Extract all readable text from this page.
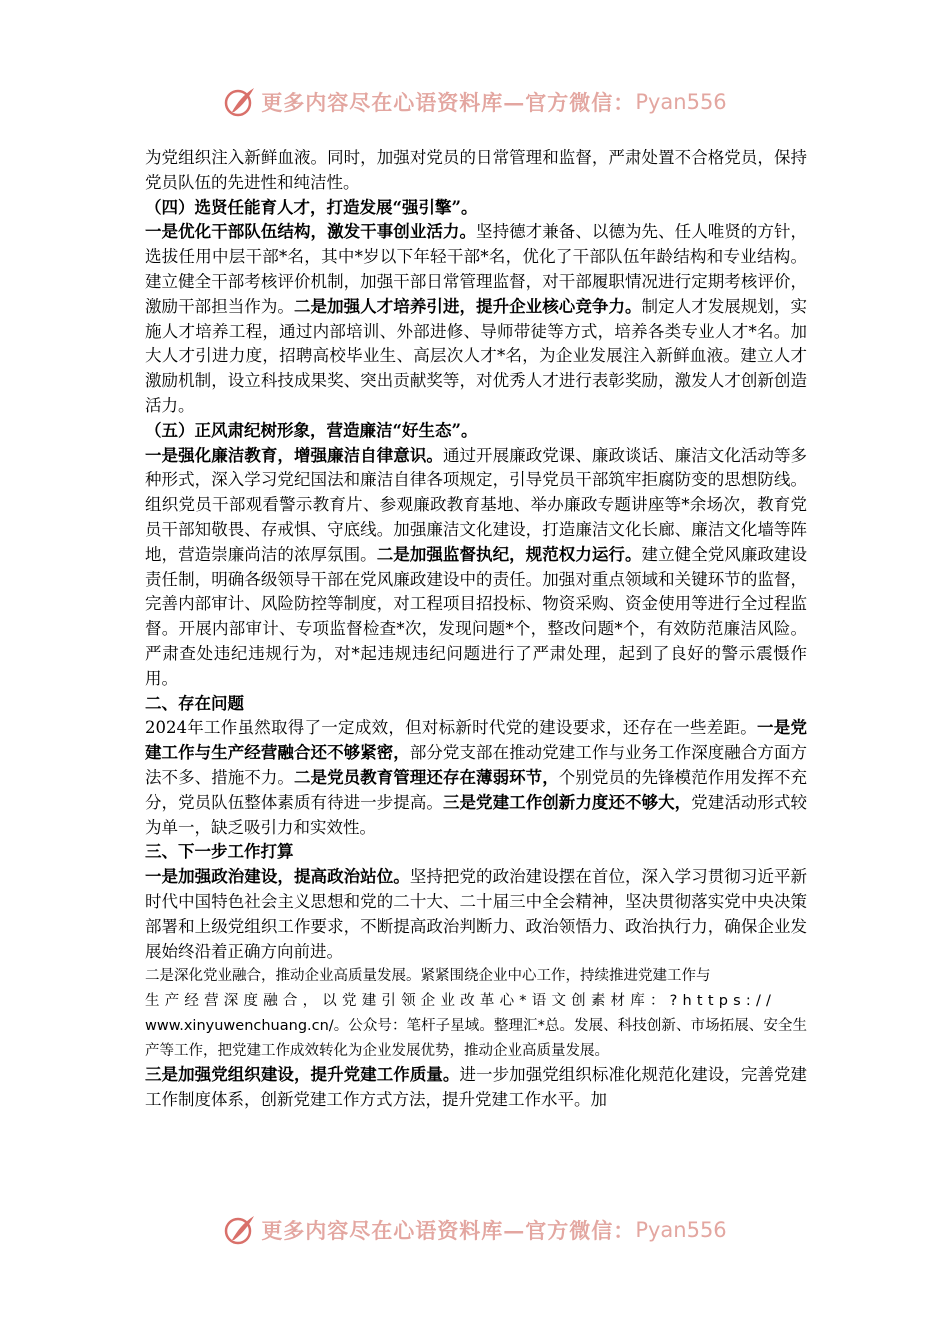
更多内容尽在心语资料库—官方微信： Pyan556

为党组织注入新鲜血液。同时，加强对党员的日常管理和监督，严肃处置不合格党员，保持党员队伍的先进性和纯洁性。

（四）选贤任能育人才，打造发展“强引擎”。

一是优化干部队伍结构，激发干事创业活力。坚持德才兼备、以德为先、任人唯贤的方针，选拔任用中层干部*名，其中*岁以下年轻干部*名，优化了干部队伍年龄结构和专业结构。建立健全干部考核评价机制，加强干部日常管理监督，对干部履职情况进行定期考核评价，激励干部担当作为。二是加强人才培养引进，提升企业核心竞争力。制定人才发展规划，实施人才培养工程，通过内部培训、外部进修、导师带徒等方式，培养各类专业人才*名。加大人才引进力度，招聘高校毕业生、高层次人才*名，为企业发展注入新鲜血液。建立人才激励机制，设立科技成果奖、突出贡献奖等，对优秀人才进行表彰奖励，激发人才创新创造活力。

（五）正风肃纪树形象，营造廉洁“好生态”。

一是强化廉洁教育，增强廉洁自律意识。通过开展廉政党课、廉政谈话、廉洁文化活动等多种形式，深入学习党纪国法和廉洁自律各项规定，引导党员干部筑牢拒腐防变的思想防线。组织党员干部观看警示教育片、参观廉政教育基地、举办廉政专题讲座等*余场次，教育党员干部知敬畏、存戒惧、守底线。加强廉洁文化建设，打造廉洁文化长廊、廉洁文化墙等阵地，营造崇廉尚洁的浓厚氛围。二是加强监督执纪，规范权力运行。建立健全党风廉政建设责任制，明确各级领导干部在党风廉政建设中的责任。加强对重点领域和关键环节的监督，完善内部审计、风险防控等制度，对工程项目招投标、物资采购、资金使用等进行全过程监督。开展内部审计、专项监督检查*次，发现问题*个，整改问题*个，有效防范廉洁风险。严肃查处违纪违规行为，对*起违规违纪问题进行了严肃处理，起到了良好的警示震慑作用。

二、存在问题

2024年工作虽然取得了一定成效，但对标新时代党的建设要求，还存在一些差距。一是党建工作与生产经营融合还不够紧密，部分党支部在推动党建工作与业务工作深度融合方面方法不多、措施不力。二是党员教育管理还存在薄弱环节，个别党员的先锋模范作用发挥不充分，党员队伍整体素质有待进一步提高。三是党建工作创新力度还不够大，党建活动形式较为单一，缺乏吸引力和实效性。

三、下一步工作打算

一是加强政治建设，提高政治站位。坚持把党的政治建设摆在首位，深入学习贯彻习近平新时代中国特色社会主义思想和党的二十大、二十届三中全会精神，坚决贯彻落实党中央决策部署和上级党组织工作要求，不断提高政治判断力、政治领悟力、政治执行力，确保企业发展始终沿着正确方向前进。

二是深化党业融合，推动企业高质量发展。紧紧围绕企业中心工作，持续推进党建工作与

生产经营深度融合，以党建引领企业改革心*语文创素材库：?https://

www.xinyuwenchuang.cn/。公众号：笔杆子星域。整理汇*总。发展、科技创新、市场拓展、安全生产等工作，把党建工作成效转化为企业发展优势，推动企业高质量发展。

三是加强党组织建设，提升党建工作质量。进一步加强党组织标准化规范化建设，完善党建工作制度体系，创新党建工作方式方法，提升党建工作水平。加

更多内容尽在心语资料库—官方微信： Pyan556
